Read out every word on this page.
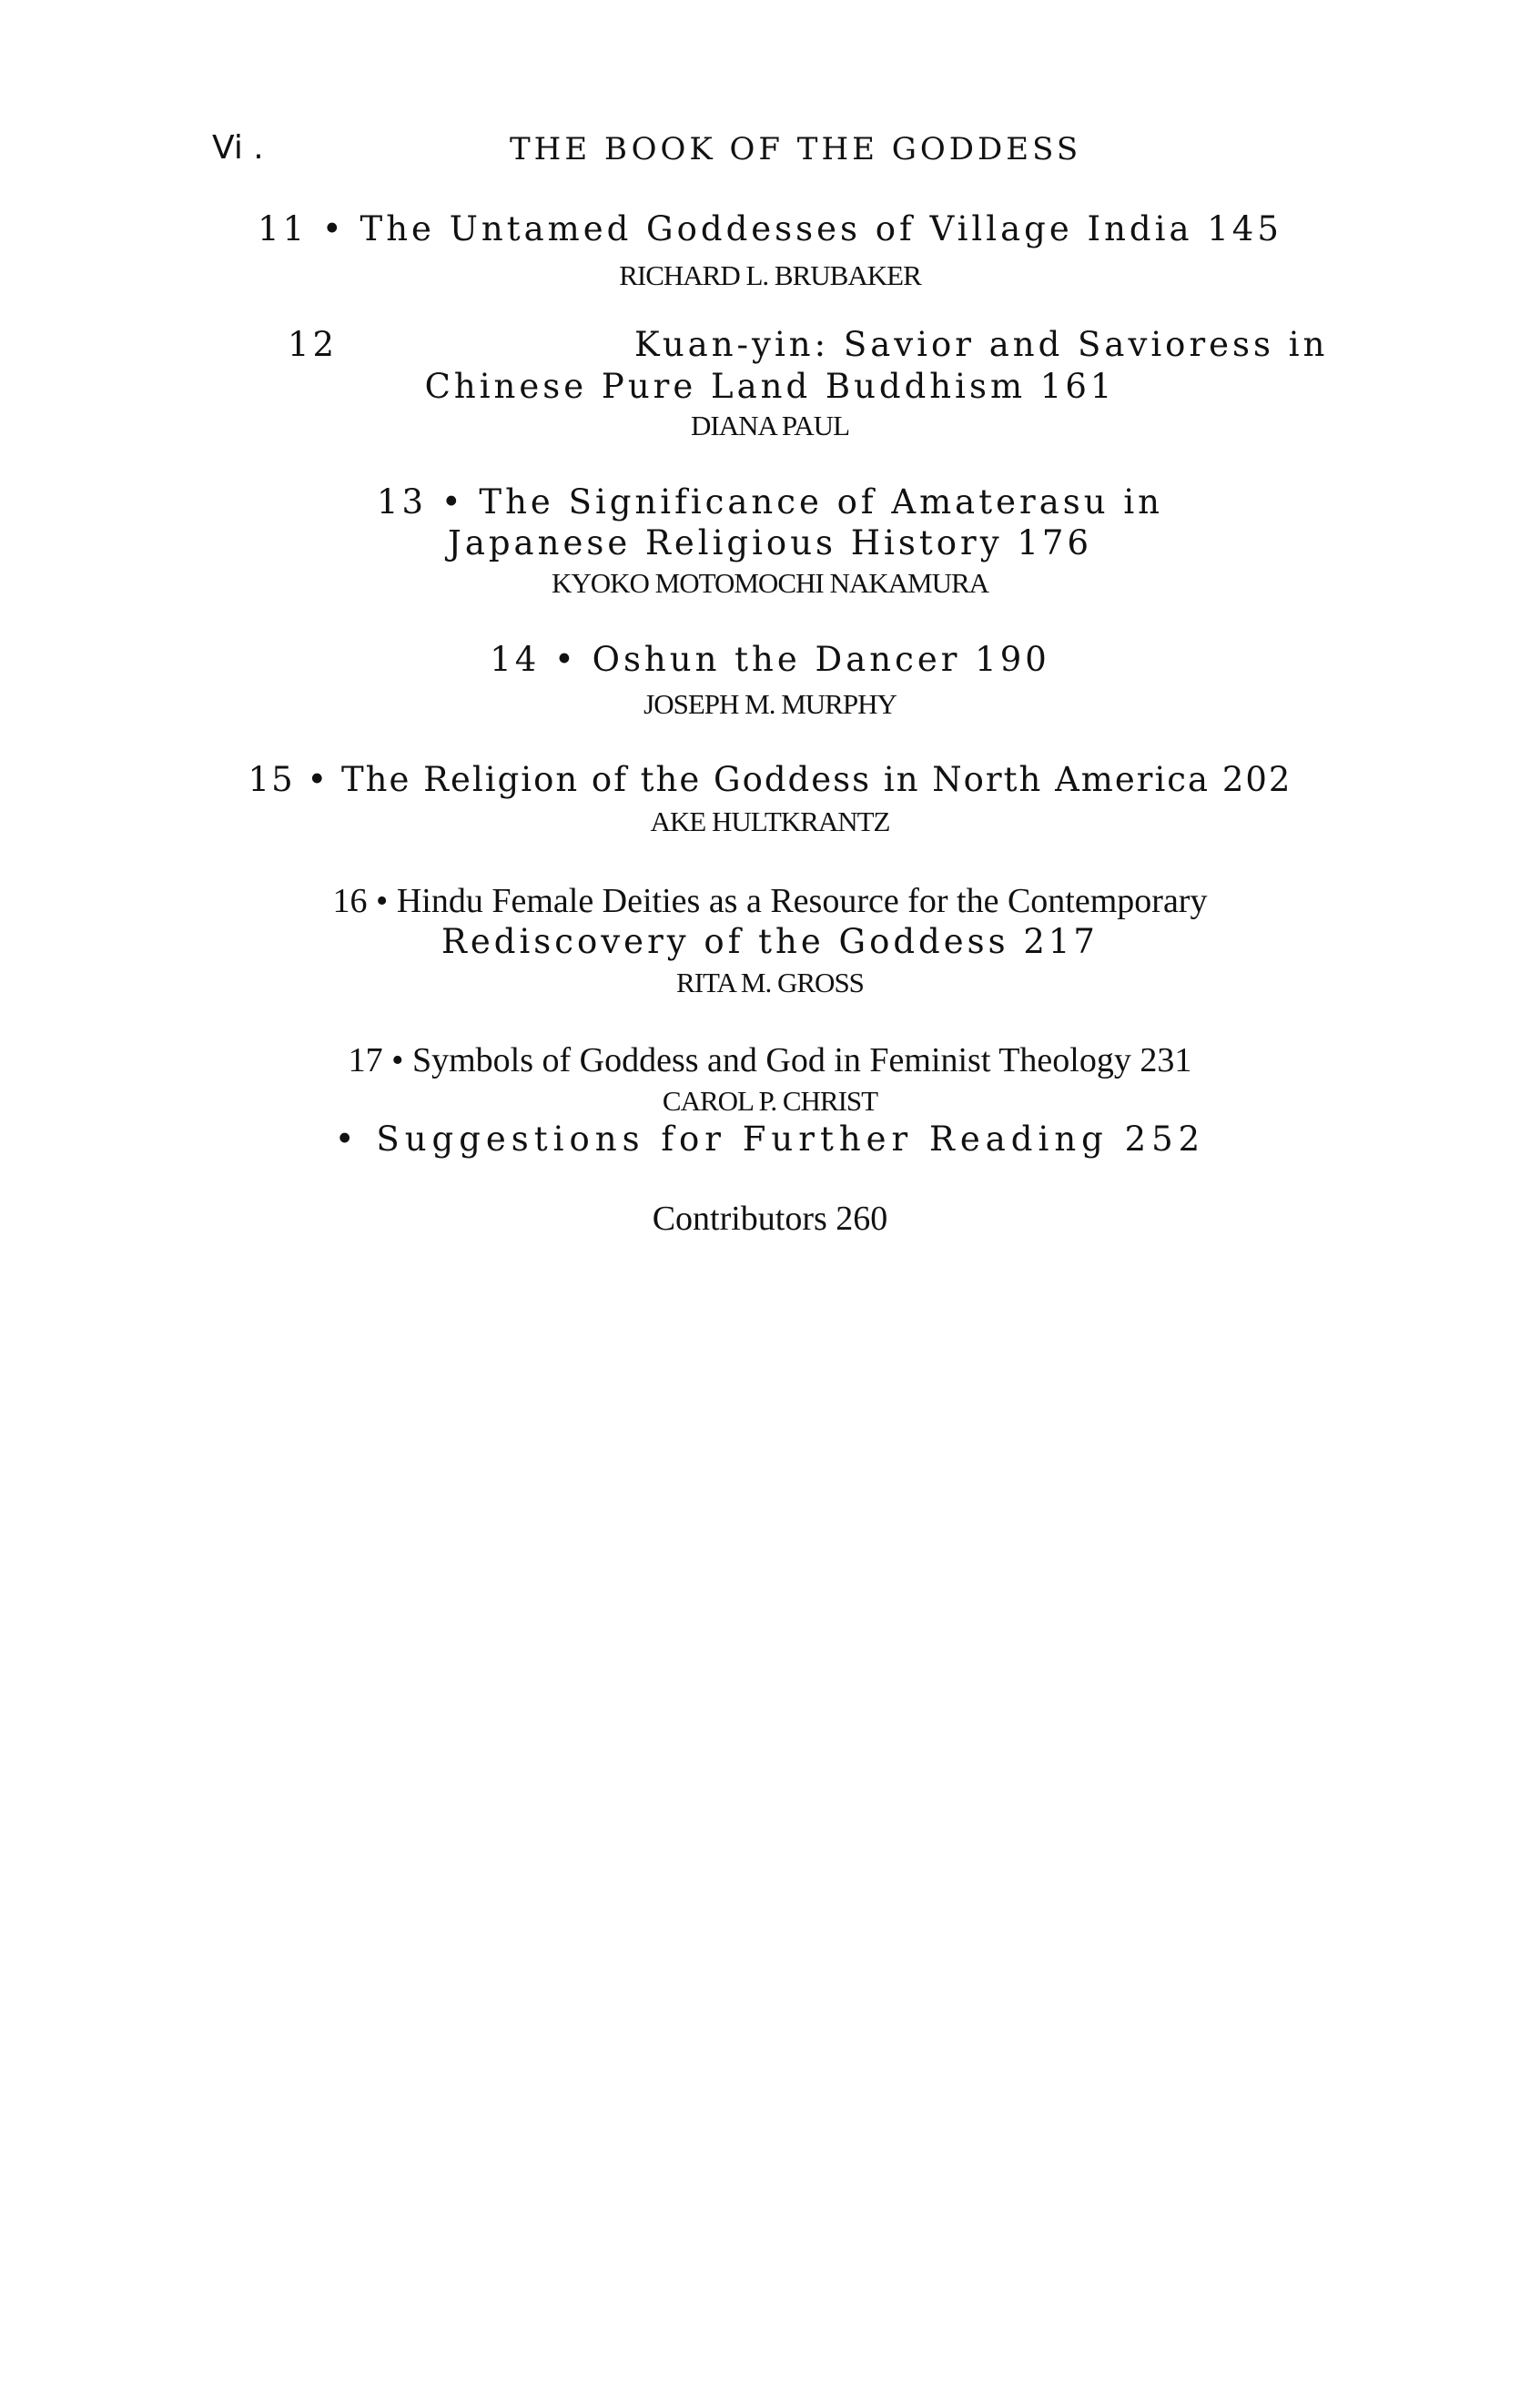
Vi .	THE BOOK OF THE GODDESS
11 • The Untamed Goddesses of Village India 145
RICHARD L. BRUBAKER
12	Kuan-yin: Savior and Savioress in
Chinese Pure Land Buddhism 161
DIANA PAUL
13 • The Significance of Amaterasu in
Japanese Religious History 176
KYOKO MOTOMOCHI NAKAMURA
14 • Oshun the Dancer 190
JOSEPH M. MURPHY
15 • The Religion of the Goddess in North America 202
AKE HULTKRANTZ
16 • Hindu Female Deities as a Resource for the Contemporary
Rediscovery of the Goddess 217
RITA M. GROSS
17 • Symbols of Goddess and God in Feminist Theology 231
CAROL P. CHRIST
• Suggestions for Further Reading 252
Contributors 260
